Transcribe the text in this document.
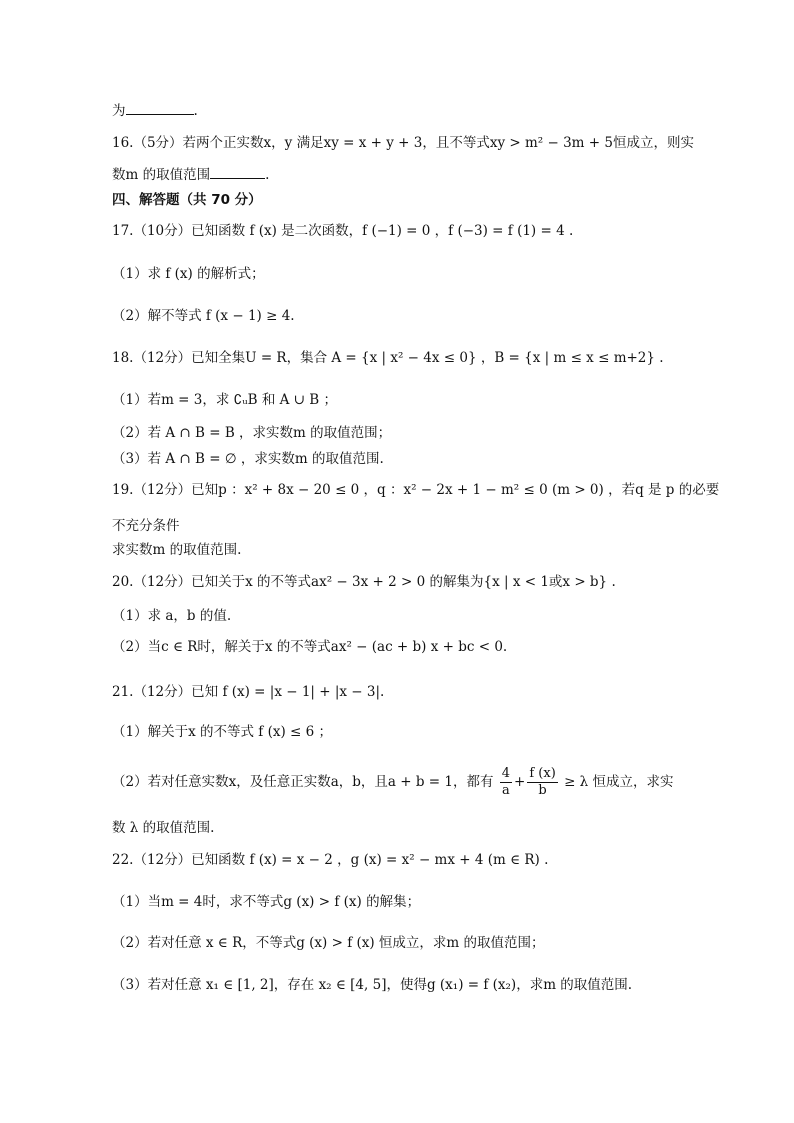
为	.
16.（5分）若两个正实数x，y 满足xy = x + y + 3，且不等式xy > m² − 3m + 5恒成立，则实
数m 的取值范围	.
四、解答题（共 70 分）
17.（10分）已知函数 f (x) 是二次函数，f (−1) = 0 ，f (−3) = f (1) = 4 .
（1）求 f (x) 的解析式；
（2）解不等式 f (x − 1) ≥ 4.
18.（12分）已知全集U = R，集合 A = {x | x² − 4x ≤ 0} ，B = {x | m ≤ x ≤ m+2} .
（1）若m = 3，求 ∁ᵤB 和 A ∪ B ；
（2）若 A ∩ B = B ，求实数m 的取值范围；
（3）若 A ∩ B = ∅ ，求实数m 的取值范围.
19.（12分）已知p ：x² + 8x − 20 ≤ 0 ，q ：x² − 2x + 1 − m² ≤ 0 (m > 0) ，若q 是 p 的必要
不充分条件
求实数m 的取值范围.
20.（12分）已知关于x 的不等式ax² − 3x + 2 > 0 的解集为{x | x < 1或x > b} .
（1）求 a，b 的值.
（2）当c ∈ R时，解关于x 的不等式ax² − (ac + b) x + bc < 0.
21.（12分）已知 f (x) = |x − 1| + |x − 3|.
（1）解关于x 的不等式 f (x) ≤ 6 ；
（2）若对任意实数x，及任意正实数a，b，且a + b = 1，都有 $\frac{4}{a} + \frac{f (x)}{b} \ge \lambda$ 恒成立，求实
数 λ 的取值范围.
22.（12分）已知函数 f (x) = x − 2 ，g (x) = x² − mx + 4 (m ∈ R) .
（1）当m = 4时，求不等式g (x) > f (x) 的解集；
（2）若对任意 x ∈ R，不等式g (x) > f (x) 恒成立，求m 的取值范围；
（3）若对任意 x₁ ∈ [1, 2]，存在 x₂ ∈ [4, 5]，使得g (x₁) = f (x₂)，求m 的取值范围.
